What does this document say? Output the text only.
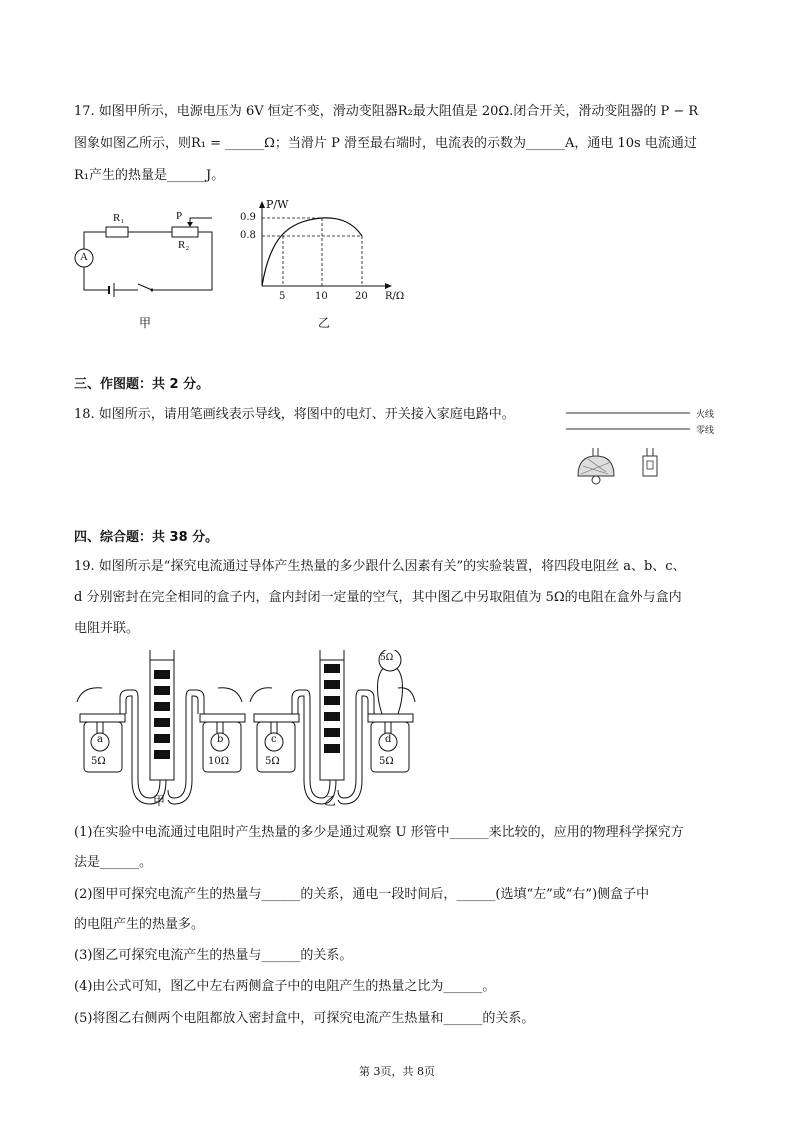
17. 如图甲所示，电源电压为 6V 恒定不变，滑动变阻器R₂最大阻值是 20Ω.闭合开关，滑动变阻器的 P − R
图象如图乙所示，则R₁ = ______Ω；当滑片 P 滑至最右端时，电流表的示数为______A，通电 10s 电流通过
R₁产生的热量是______J。
R₁	P
R₂
A
甲
P/W
0.9
0.8
5	10	20 R/Ω
乙
三、作图题：共 2 分。
18. 如图所示，请用笔画线表示导线，将图中的电灯、开关接入家庭电路中。	火线
零线
四、综合题：共 38 分。
19. 如图所示是“探究电流通过导体产生热量的多少跟什么因素有关”的实验装置，将四段电阻丝 a、b、c、
d 分别密封在完全相同的盒子内，盒内封闭一定量的空气，其中图乙中另取阻值为 5Ω的电阻在盒外与盒内
电阻并联。
a
5Ω
b
10Ω
c
5Ω
d
5Ω
5Ω
甲	乙
(1)在实验中电流通过电阻时产生热量的多少是通过观察 U 形管中______来比较的，应用的物理科学探究方
法是______。
(2)图甲可探究电流产生的热量与______的关系，通电一段时间后，______(选填“左”或“右”)侧盒子中
的电阻产生的热量多。
(3)图乙可探究电流产生的热量与______的关系。
(4)由公式可知，图乙中左右两侧盒子中的电阻产生的热量之比为______。
(5)将图乙右侧两个电阻都放入密封盒中，可探究电流产生热量和______的关系。
第 3页，共 8页
